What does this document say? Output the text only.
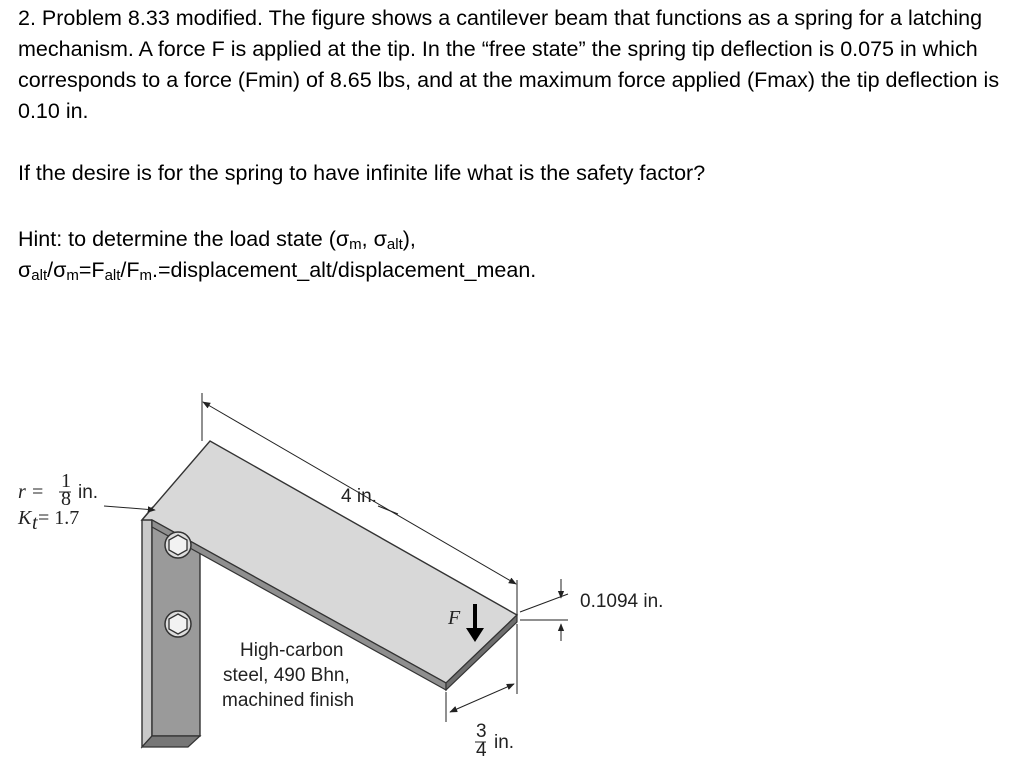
2. Problem 8.33 modified. The figure shows a cantilever beam that functions as a spring for a latching mechanism. A force F is applied at the tip. In the “free state” the spring tip deflection is 0.075 in which corresponds to a force (Fmin) of 8.65 lbs, and at the maximum force applied (Fmax) the tip deflection is 0.10 in.
If the desire is for the spring to have infinite life what is the safety factor?
Hint: to determine the load state ($\sigma_m$, $\sigma_{alt}$),
$\sigma_{alt}/\sigma_m=F_{alt}/F_m.=displacement\_alt/displacement\_mean$.
4 in.
r = 1
8 in.
K t = 1.7
F
0.1094 in.
3
4 in.
High-carbon
steel, 490 Bhn,
machined finish
